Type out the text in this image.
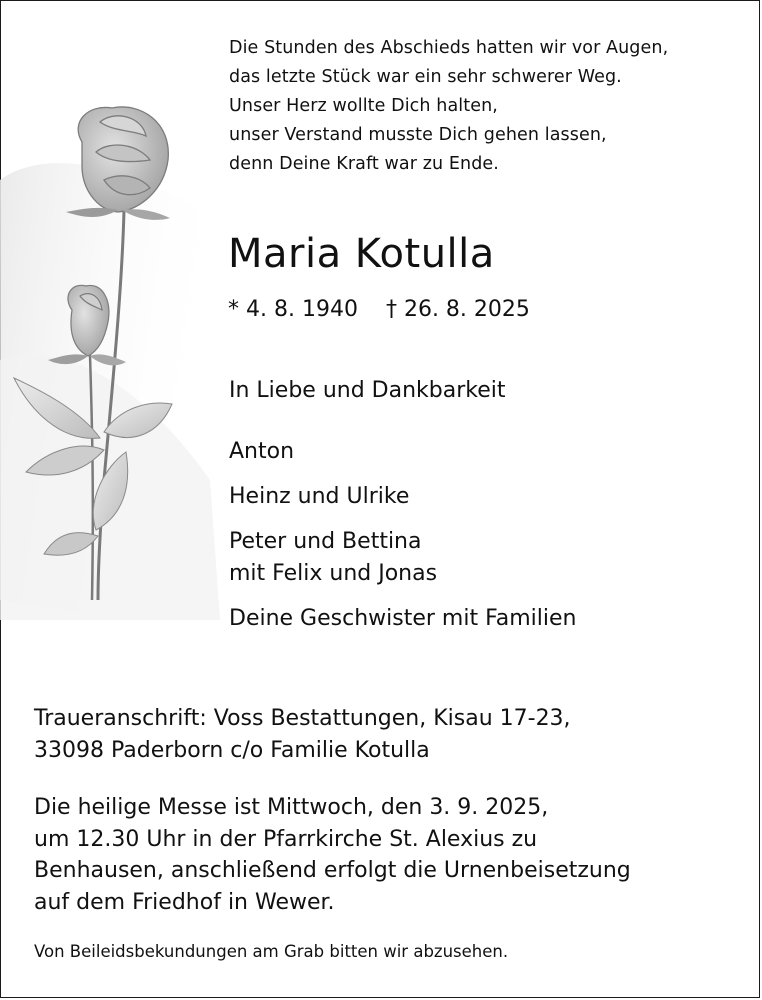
Die Stunden des Abschieds hatten wir vor Augen,
das letzte Stück war ein sehr schwerer Weg.
Unser Herz wollte Dich halten,
unser Verstand musste Dich gehen lassen,
denn Deine Kraft war zu Ende.
Maria Kotulla
* 4. 8. 1940 † 26. 8. 2025
In Liebe und Dankbarkeit
Anton
Heinz und Ulrike
Peter und Bettina
mit Felix und Jonas
Deine Geschwister mit Familien
Traueranschrift: Voss Bestattungen, Kisau 17-23,
33098 Paderborn c/o Familie Kotulla
Die heilige Messe ist Mittwoch, den 3. 9. 2025,
um 12.30 Uhr in der Pfarrkirche St. Alexius zu
Benhausen, anschließend erfolgt die Urnenbeisetzung
auf dem Friedhof in Wewer.
Von Beileidsbekundungen am Grab bitten wir abzusehen.
